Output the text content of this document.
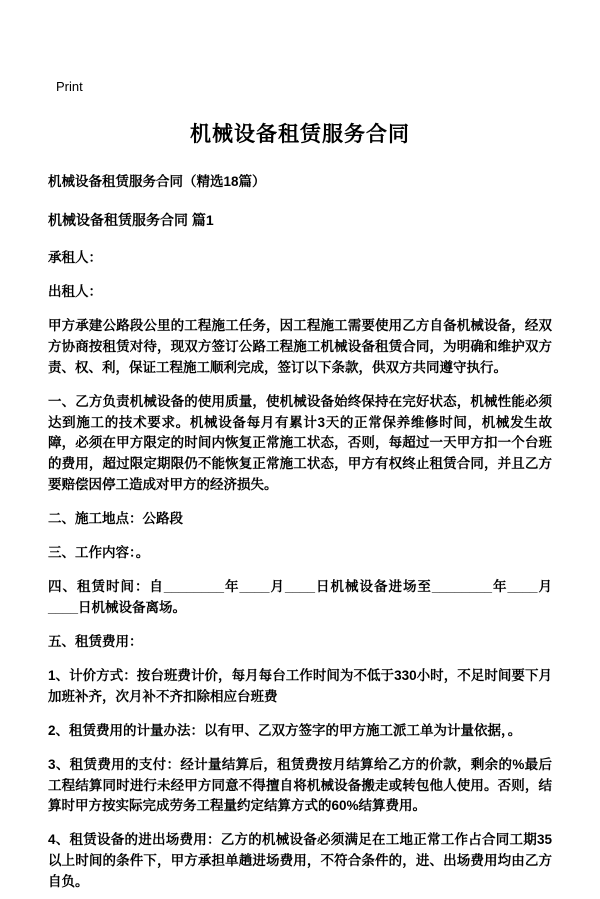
Print
机械设备租赁服务合同
机械设备租赁服务合同（精选18篇）
机械设备租赁服务合同 篇1

承租人：

出租人：

甲方承建公路段公里的工程施工任务，因工程施工需要使用乙方自备机械设备，经双方协商按租赁对待，现双方签订公路工程施工机械设备租赁合同，为明确和维护双方责、权、利，保证工程施工顺利完成，签订以下条款，供双方共同遵守执行。

一、乙方负责机械设备的使用质量，使机械设备始终保持在完好状态，机械性能必须达到施工的技术要求。机械设备每月有累计3天的正常保养维修时间，机械发生故障，必须在甲方限定的时间内恢复正常施工状态，否则，每超过一天甲方扣一个台班的费用，超过限定期限仍不能恢复正常施工状态，甲方有权终止租赁合同，并且乙方要赔偿因停工造成对甲方的经济损失。

二、施工地点：公路段

三、工作内容：。

四、租赁时间：自________年____月____日机械设备进场至________年____月____日机械设备离场。

五、租赁费用：

1、计价方式：按台班费计价，每月每台工作时间为不低于330小时，不足时间要下月加班补齐，次月补不齐扣除相应台班费

2、租赁费用的计量办法：以有甲、乙双方签字的甲方施工派工单为计量依据，。

3、租赁费用的支付：经计量结算后，租赁费按月结算给乙方的价款，剩余的%最后工程结算同时进行未经甲方同意不得擅自将机械设备搬走或转包他人使用。否则，结算时甲方按实际完成劳务工程量约定结算方式的60%结算费用。

4、租赁设备的进出场费用：乙方的机械设备必须满足在工地正常工作占合同工期35以上时间的条件下，甲方承担单趟进场费用，不符合条件的，进、出场费用均由乙方自负。
